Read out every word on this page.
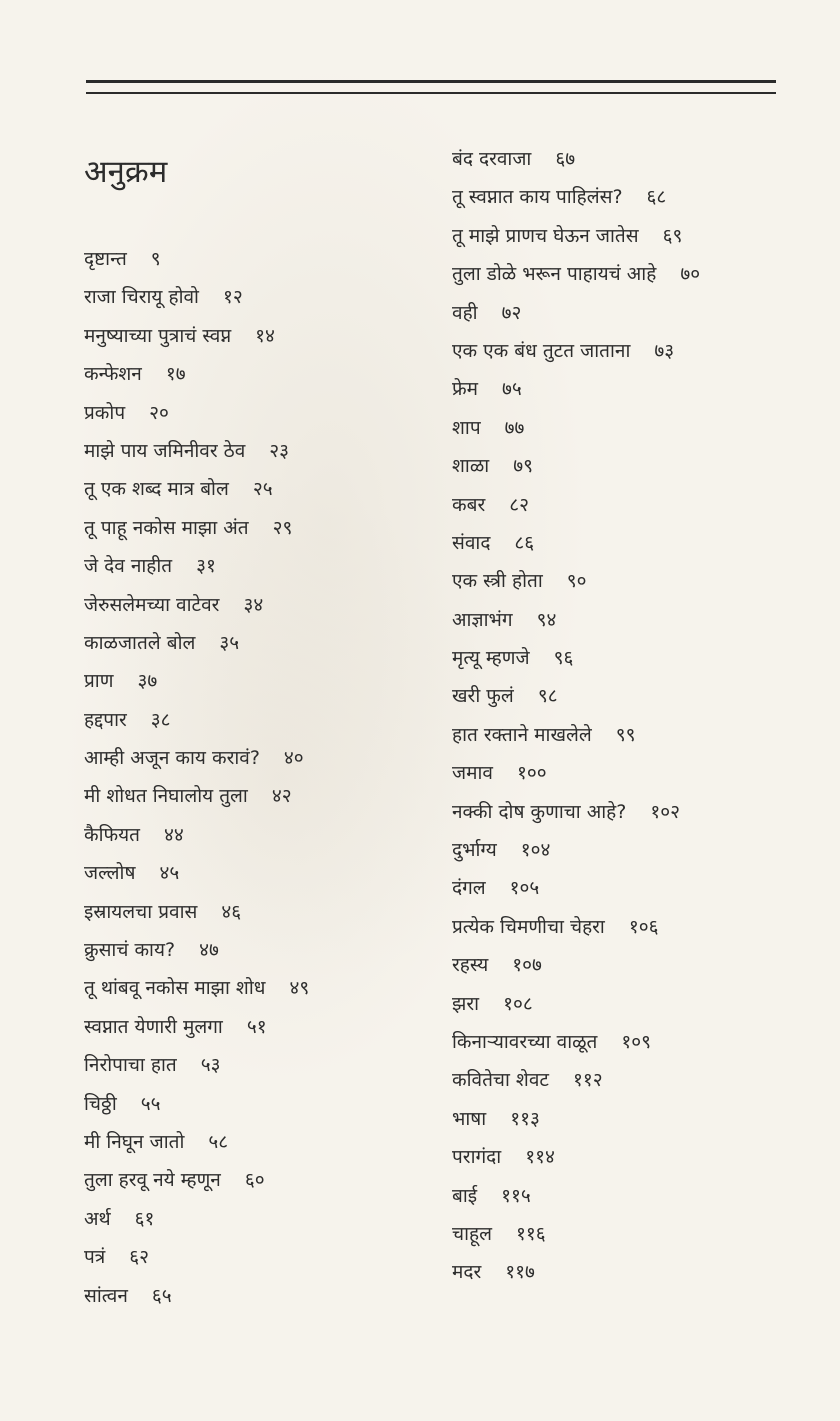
अनुक्रम
दृष्टान्त ९
राजा चिरायू होवो १२
मनुष्याच्या पुत्राचं स्वप्न १४
कन्फेशन १७
प्रकोप २०
माझे पाय जमिनीवर ठेव २३
तू एक शब्द मात्र बोल २५
तू पाहू नकोस माझा अंत २९
जे देव नाहीत ३१
जेरुसलेमच्या वाटेवर ३४
काळजातले बोल ३५
प्राण ३७
हद्दपार ३८
आम्ही अजून काय करावं? ४०
मी शोधत निघालोय तुला ४२
कैफियत ४४
जल्लोष ४५
इस्रायलचा प्रवास ४६
क्रुसाचं काय? ४७
तू थांबवू नकोस माझा शोध ४९
स्वप्नात येणारी मुलगा ५१
निरोपाचा हात ५३
चिठ्ठी ५५
मी निघून जातो ५८
तुला हरवू नये म्हणून ६०
अर्थ ६१
पत्रं ६२
सांत्वन ६५
बंद दरवाजा ६७
तू स्वप्नात काय पाहिलंस? ६८
तू माझे प्राणच घेऊन जातेस ६९
तुला डोळे भरून पाहायचं आहे ७०
वही ७२
एक एक बंध तुटत जाताना ७३
फ्रेम ७५
शाप ७७
शाळा ७९
कबर ८२
संवाद ८६
एक स्त्री होता ९०
आज्ञाभंग ९४
मृत्यू म्हणजे ९६
खरी फुलं ९८
हात रक्ताने माखलेले ९९
जमाव १००
नक्की दोष कुणाचा आहे? १०२
दुर्भाग्य १०४
दंगल १०५
प्रत्येक चिमणीचा चेहरा १०६
रहस्य १०७
झरा १०८
किनाऱ्यावरच्या वाळूत १०९
कवितेचा शेवट ११२
भाषा ११३
परागंदा ११४
बाई ११५
चाहूल ११६
मदर ११७
